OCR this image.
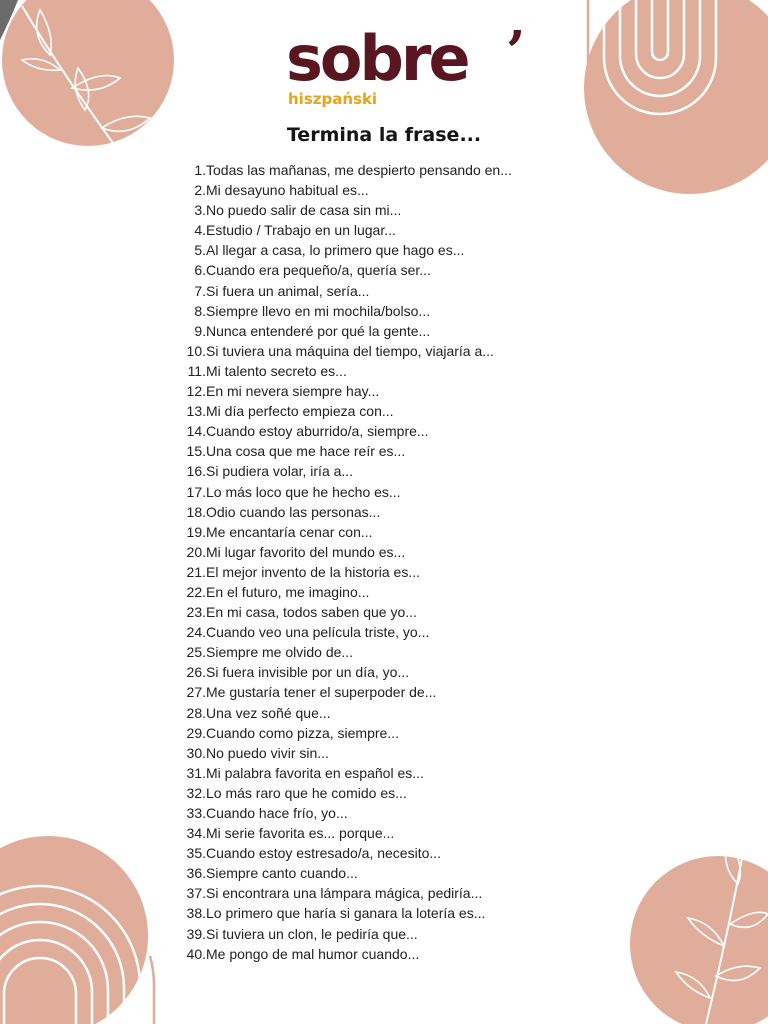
sobre ’
hiszpański
Termina la frase...
1.Todas las mañanas, me despierto pensando en...
2.Mi desayuno habitual es...
3.No puedo salir de casa sin mi...
4.Estudio / Trabajo en un lugar...
5.Al llegar a casa, lo primero que hago es...
6.Cuando era pequeño/a, quería ser...
7.Si fuera un animal, sería...
8.Siempre llevo en mi mochila/bolso...
9.Nunca entenderé por qué la gente...
10.Si tuviera una máquina del tiempo, viajaría a...
11.Mi talento secreto es...
12.En mi nevera siempre hay...
13.Mi día perfecto empieza con...
14.Cuando estoy aburrido/a, siempre...
15.Una cosa que me hace reír es...
16.Si pudiera volar, iría a...
17.Lo más loco que he hecho es...
18.Odio cuando las personas...
19.Me encantaría cenar con...
20.Mi lugar favorito del mundo es...
21.El mejor invento de la historia es...
22.En el futuro, me imagino...
23.En mi casa, todos saben que yo...
24.Cuando veo una película triste, yo...
25.Siempre me olvido de...
26.Si fuera invisible por un día, yo...
27.Me gustaría tener el superpoder de...
28.Una vez soñé que...
29.Cuando como pizza, siempre...
30.No puedo vivir sin...
31.Mi palabra favorita en español es...
32.Lo más raro que he comido es...
33.Cuando hace frío, yo...
34.Mi serie favorita es... porque...
35.Cuando estoy estresado/a, necesito...
36.Siempre canto cuando...
37.Si encontrara una lámpara mágica, pediría...
38.Lo primero que haría si ganara la lotería es...
39.Si tuviera un clon, le pediría que...
40.Me pongo de mal humor cuando...
